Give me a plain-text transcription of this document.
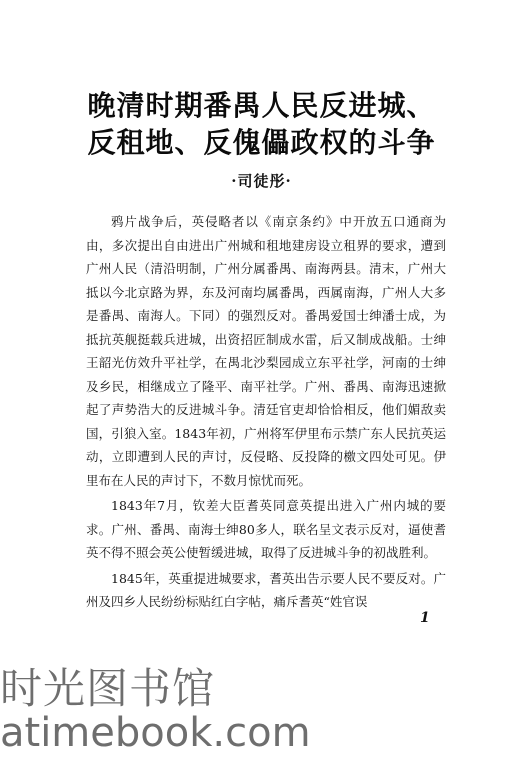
晚清时期番禺人民反进城、
反租地、反傀儡政权的斗争
·司徒彤·

鸦片战争后，英侵略者以《南京条约》中开放五口通商为由，多次提出自由进出广州城和租地建房设立租界的要求，遭到广州人民（清沿明制，广州分属番禺、南海两县。清末，广州大抵以今北京路为界，东及河南均属番禺，西属南海，广州人大多是番禺、南海人。下同）的强烈反对。番禺爱国士绅潘士成，为抵抗英舰挺载兵进城，出资招匠制成水雷，后又制成战船。士绅王韶光仿效升平社学，在禺北沙梨园成立东平社学，河南的士绅及乡民，相继成立了隆平、南平社学。广州、番禺、南海迅速掀起了声势浩大的反进城斗争。清廷官吏却恰恰相反，他们媚敌卖国，引狼入室。1843年初，广州将军伊里布示禁广东人民抗英运动，立即遭到人民的声讨，反侵略、反投降的檄文四处可见。伊里布在人民的声讨下，不数月惊忧而死。

1843年7月，钦差大臣耆英同意英提出进入广州内城的要求。广州、番禺、南海士绅80多人，联名呈文表示反对，逼使耆英不得不照会英公使暂缓进城，取得了反进城斗争的初战胜利。

1845年，英重提进城要求，耆英出告示要人民不要反对。广州及四乡人民纷纷标贴红白字帖，痛斥耆英“姓官误

1
时光图书馆
atimebook.com
